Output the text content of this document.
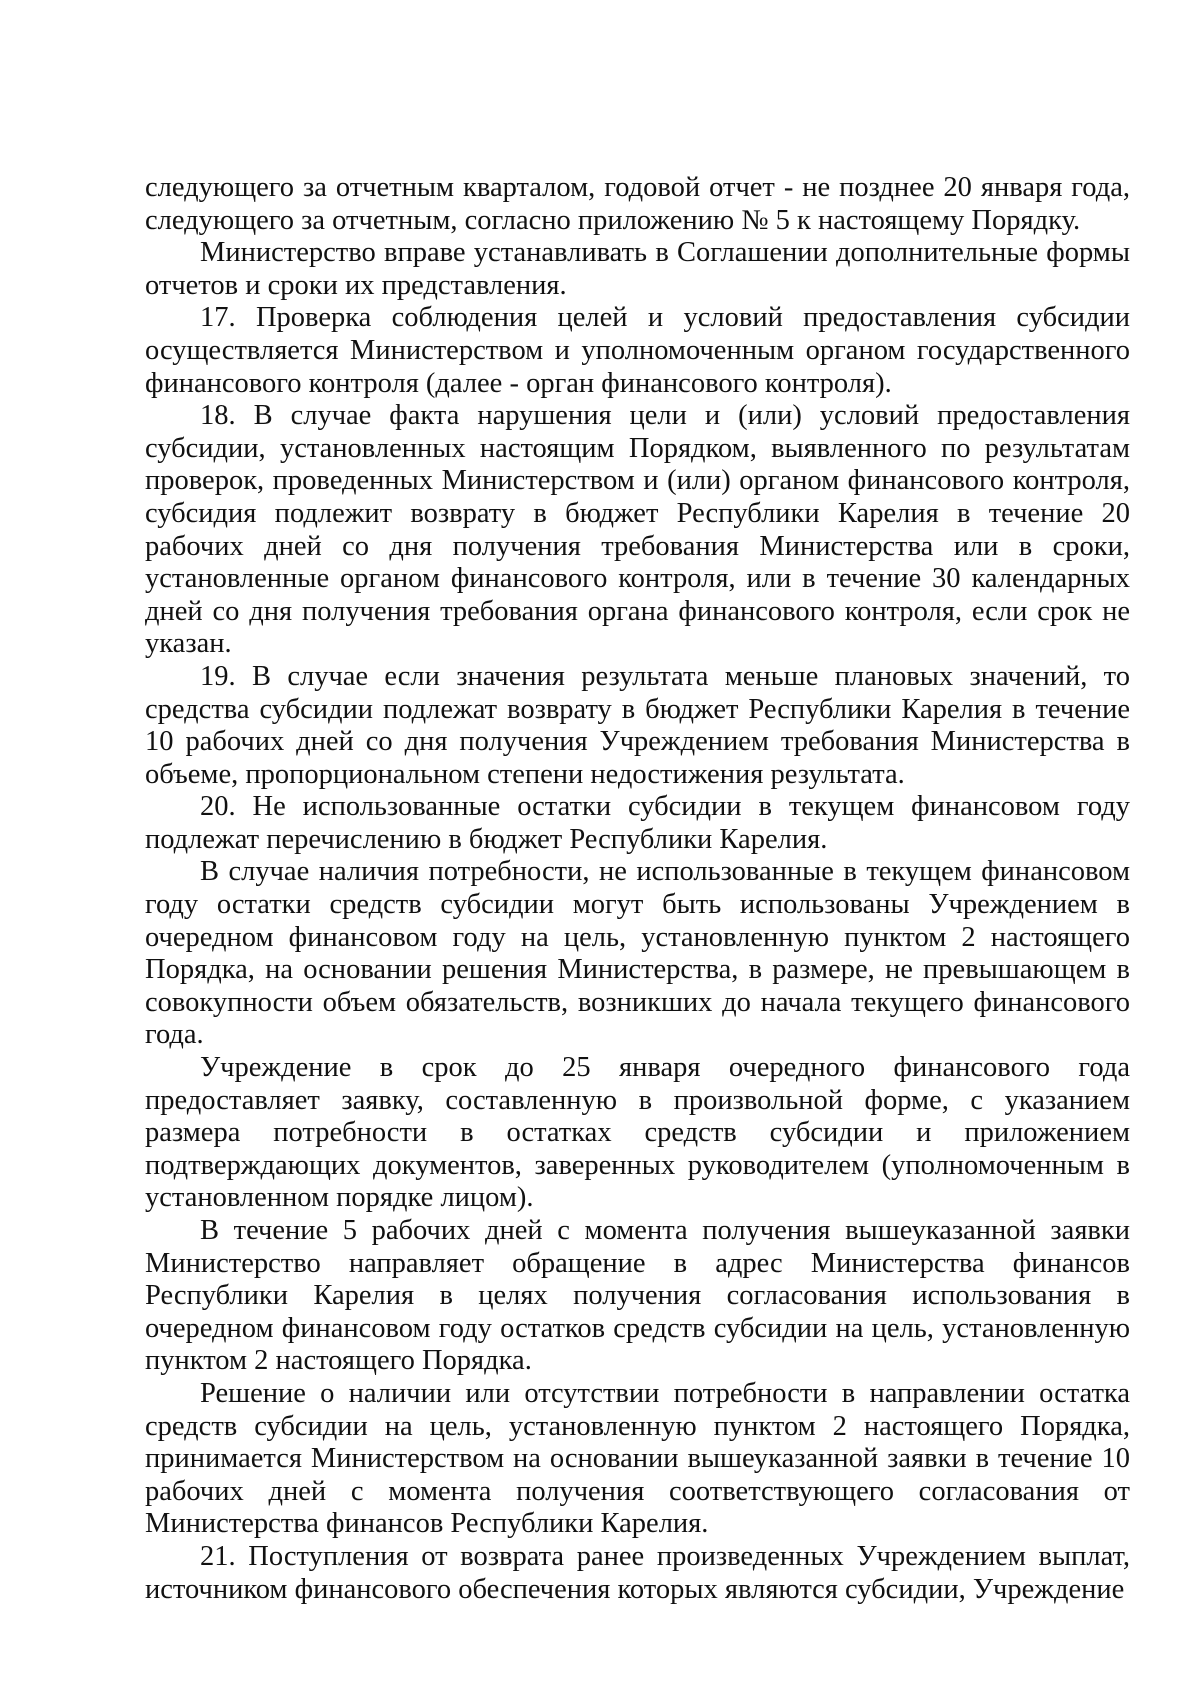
следующего за отчетным кварталом, годовой отчет - не позднее 20 января года, следующего за отчетным, согласно приложению № 5 к настоящему Порядку.

Министерство вправе устанавливать в Соглашении дополнительные формы отчетов и сроки их представления.

17. Проверка соблюдения целей и условий предоставления субсидии осуществляется Министерством и уполномоченным органом государственного финансового контроля (далее - орган финансового контроля).

18. В случае факта нарушения цели и (или) условий предоставления субсидии, установленных настоящим Порядком, выявленного по результатам проверок, проведенных Министерством и (или) органом финансового контроля, субсидия подлежит возврату в бюджет Республики Карелия в течение 20 рабочих дней со дня получения требования Министерства или в сроки, установленные органом финансового контроля, или в течение 30 календарных дней со дня получения требования органа финансового контроля, если срок не указан.

19. В случае если значения результата меньше плановых значений, то средства субсидии подлежат возврату в бюджет Республики Карелия в течение 10 рабочих дней со дня получения Учреждением требования Министерства в объеме, пропорциональном степени недостижения результата.

20. Не использованные остатки субсидии в текущем финансовом году подлежат перечислению в бюджет Республики Карелия.

В случае наличия потребности, не использованные в текущем финансовом году остатки средств субсидии могут быть использованы Учреждением в очередном финансовом году на цель, установленную пунктом 2 настоящего Порядка, на основании решения Министерства, в размере, не превышающем в совокупности объем обязательств, возникших до начала текущего финансового года.

Учреждение в срок до 25 января очередного финансового года предоставляет заявку, составленную в произвольной форме, с указанием размера потребности в остатках средств субсидии и приложением подтверждающих документов, заверенных руководителем (уполномоченным в установленном порядке лицом).

В течение 5 рабочих дней с момента получения вышеуказанной заявки Министерство направляет обращение в адрес Министерства финансов Республики Карелия в целях получения согласования использования в очередном финансовом году остатков средств субсидии на цель, установленную пунктом 2 настоящего Порядка.

Решение о наличии или отсутствии потребности в направлении остатка средств субсидии на цель, установленную пунктом 2 настоящего Порядка, принимается Министерством на основании вышеуказанной заявки в течение 10 рабочих дней с момента получения соответствующего согласования от Министерства финансов Республики Карелия.

21. Поступления от возврата ранее произведенных Учреждением выплат, источником финансового обеспечения которых являются субсидии, Учреждение
